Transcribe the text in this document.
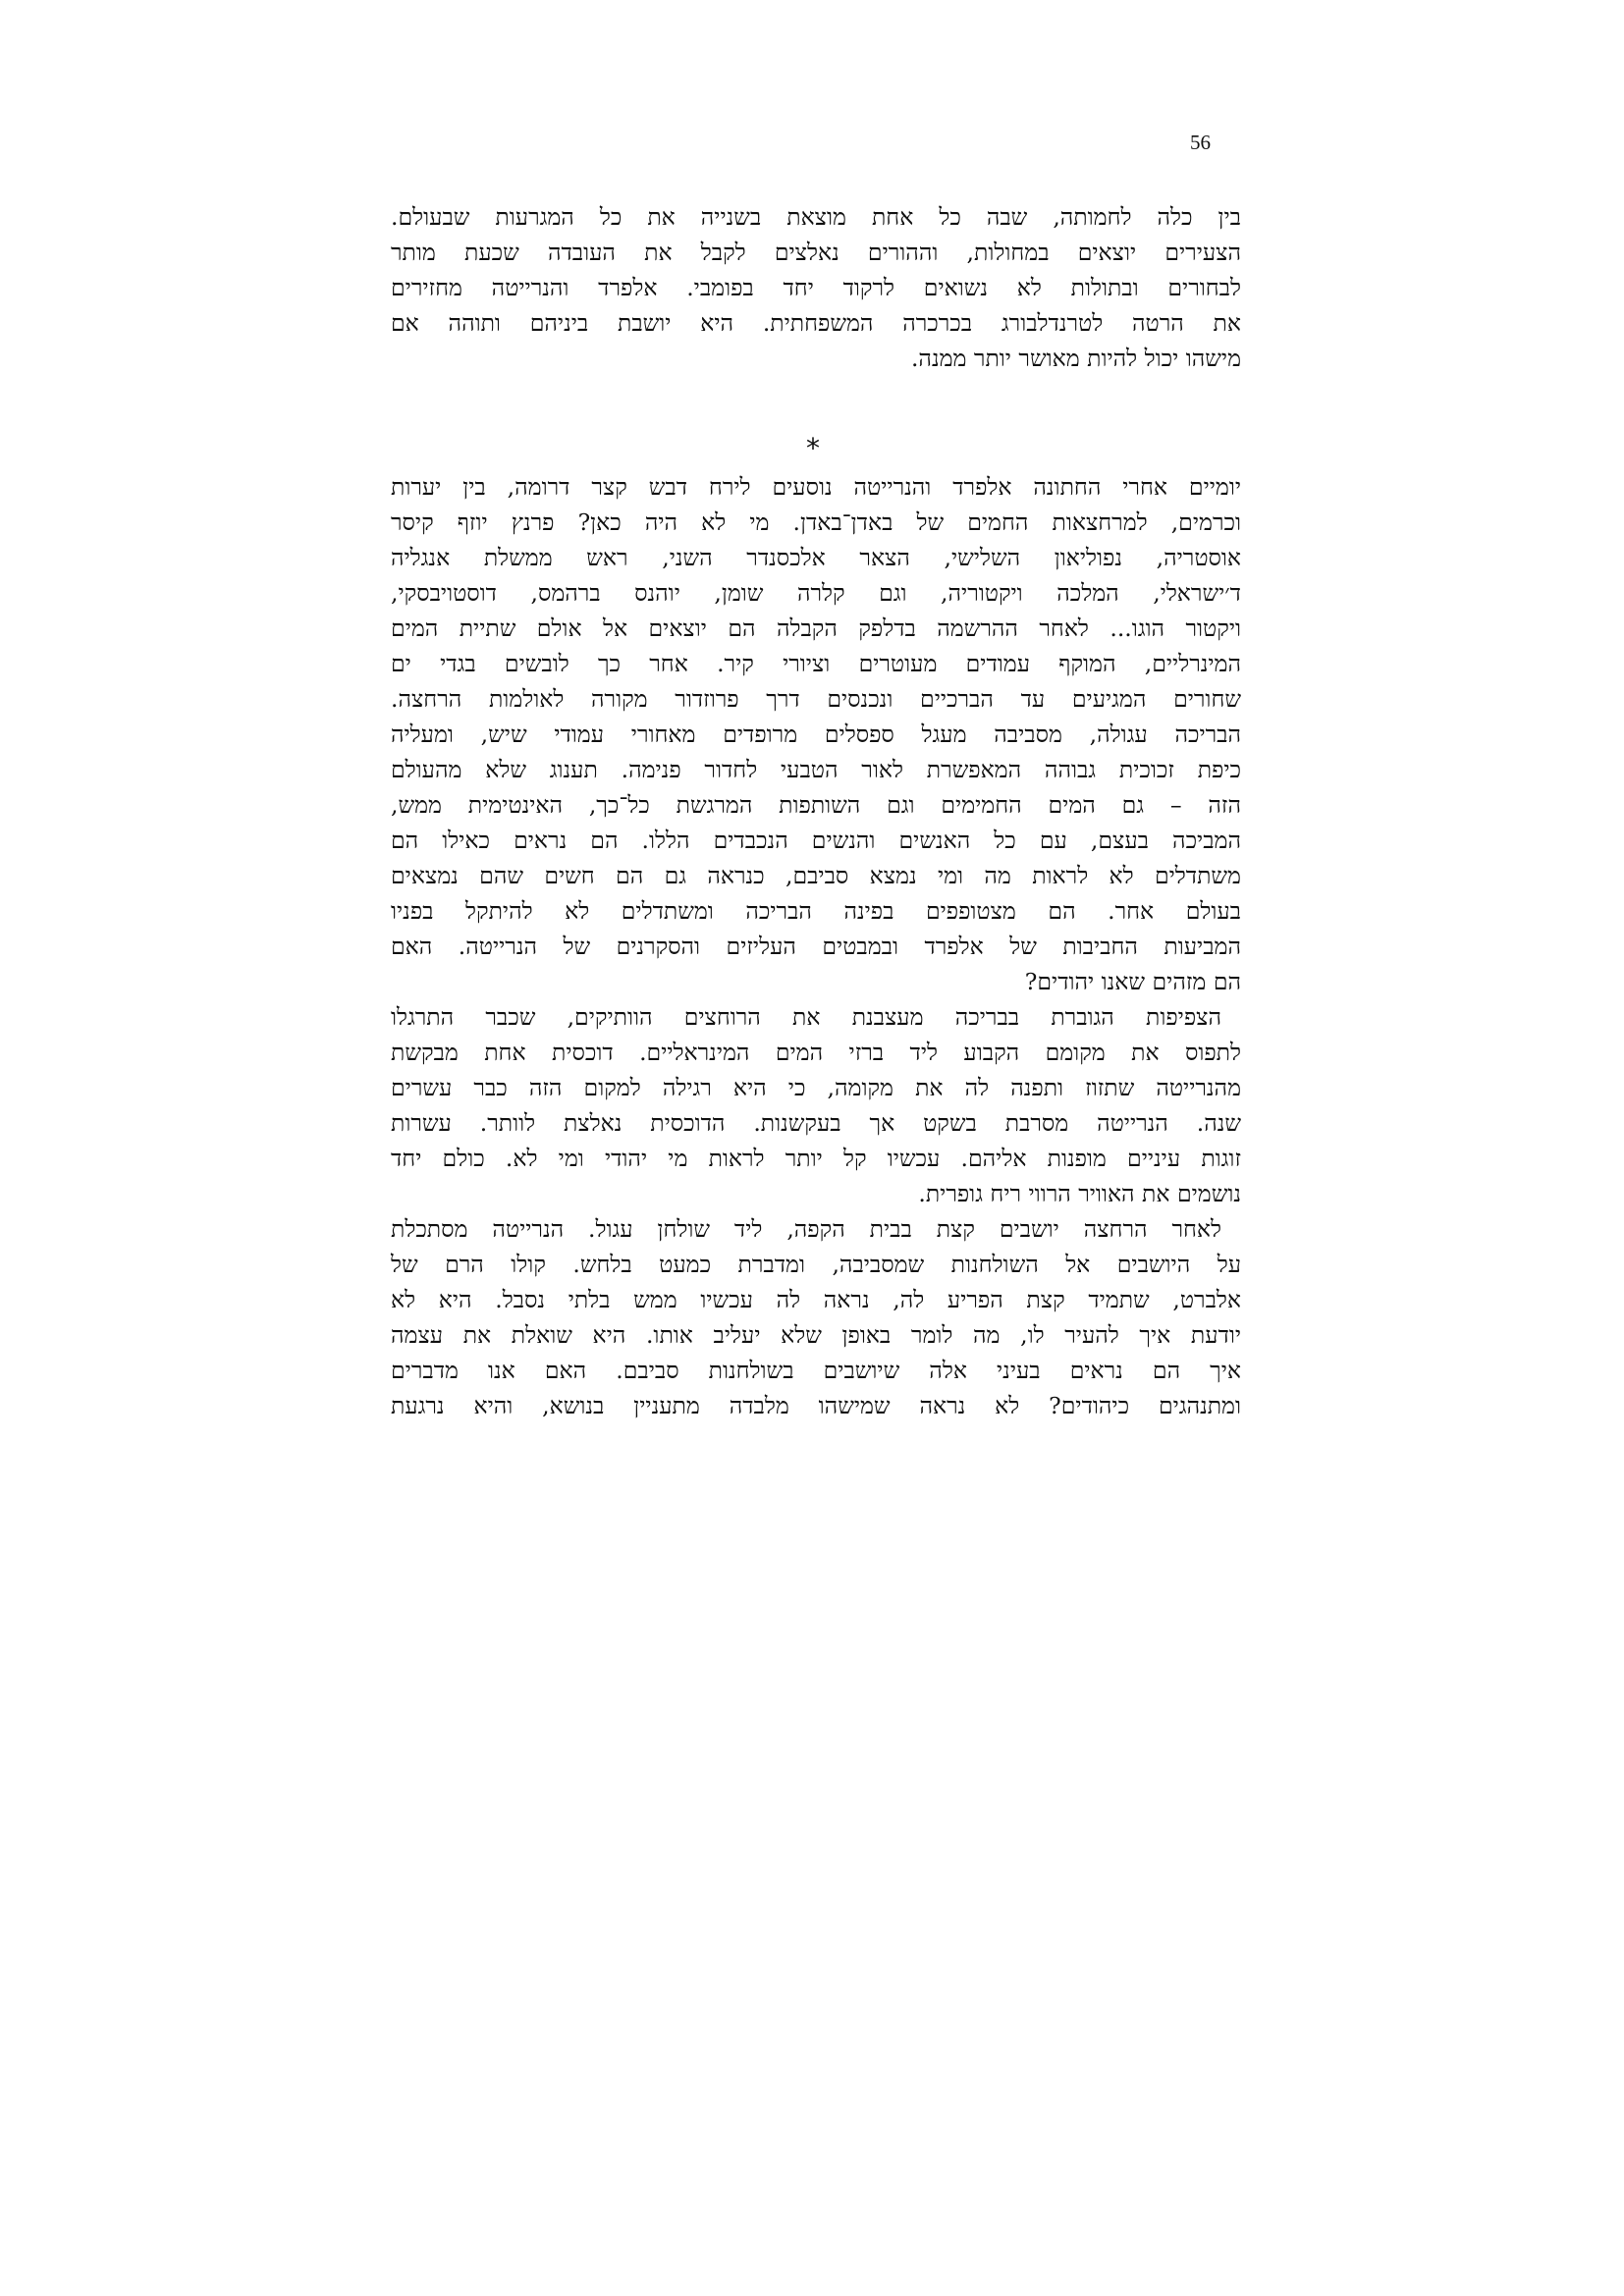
56
בין כלה לחמותה, שבה כל אחת מוצאת בשנייה את כל המגרעות שבעולם.
הצעירים יוצאים במחולות, וההורים נאלצים לקבל את העובדה שכעת מותר
לבחורים ובתולות לא נשואים לרקוד יחד בפומבי. אלפרד והנרייטה מחזירים
את הרטה לטרנדלבורג בכרכרה המשפחתית. היא יושבת ביניהם ותוהה אם
מישהו יכול להיות מאושר יותר ממנה.
*
יומיים אחרי החתונה אלפרד והנרייטה נוסעים לירח דבש קצר דרומה, בין יערות
וכרמים, למרחצאות החמים של באדן־באדן. מי לא היה כאן? פרנץ יוזף קיסר
אוסטריה, נפוליאון השלישי, הצאר אלכסנדר השני, ראש ממשלת אנגליה
ד׳ישראלי, המלכה ויקטוריה, וגם קלרה שומן, יוהנס ברהמס, דוסטויבסקי,
ויקטור הוגו... לאחר ההרשמה בדלפק הקבלה הם יוצאים אל אולם שתיית המים
המינרליים, המוקף עמודים מעוטרים וציורי קיר. אחר כך לובשים בגדי ים
שחורים המגיעים עד הברכיים ונכנסים דרך פרוזדור מקורה לאולמות הרחצה.
הבריכה עגולה, מסביבה מעגל ספסלים מרופדים מאחורי עמודי שיש, ומעליה
כיפת זכוכית גבוהה המאפשרת לאור הטבעי לחדור פנימה. תענוג שלא מהעולם
הזה – גם המים החמימים וגם השותפות המרגשת כל־כך, האינטימית ממש,
המביכה בעצם, עם כל האנשים והנשים הנכבדים הללו. הם נראים כאילו הם
משתדלים לא לראות מה ומי נמצא סביבם, כנראה גם הם חשים שהם נמצאים
בעולם אחר. הם מצטופפים בפינה הבריכה ומשתדלים לא להיתקל בפניו
המביעות החביבות של אלפרד ובמבטים העליזים והסקרנים של הנרייטה. האם
הם מזהים שאנו יהודים?
הצפיפות הגוברת בבריכה מעצבנת את הרוחצים הוותיקים, שכבר התרגלו
לתפוס את מקומם הקבוע ליד ברזי המים המינראליים. דוכסית אחת מבקשת
מהנרייטה שתזוז ותפנה לה את מקומה, כי היא רגילה למקום הזה כבר עשרים
שנה. הנרייטה מסרבת בשקט אך בעקשנות. הדוכסית נאלצת לוותר. עשרות
זוגות עיניים מופנות אליהם. עכשיו קל יותר לראות מי יהודי ומי לא. כולם יחד
נושמים את האוויר הרווי ריח גופרית.
לאחר הרחצה יושבים קצת בבית הקפה, ליד שולחן עגול. הנרייטה מסתכלת
על היושבים אל השולחנות שמסביבה, ומדברת כמעט בלחש. קולו הרם של
אלברט, שתמיד קצת הפריע לה, נראה לה עכשיו ממש בלתי נסבל. היא לא
יודעת איך להעיר לו, מה לומר באופן שלא יעליב אותו. היא שואלת את עצמה
איך הם נראים בעיני אלה שיושבים בשולחנות סביבם. האם אנו מדברים
ומתנהגים כיהודים? לא נראה שמישהו מלבדה מתעניין בנושא, והיא נרגעת
